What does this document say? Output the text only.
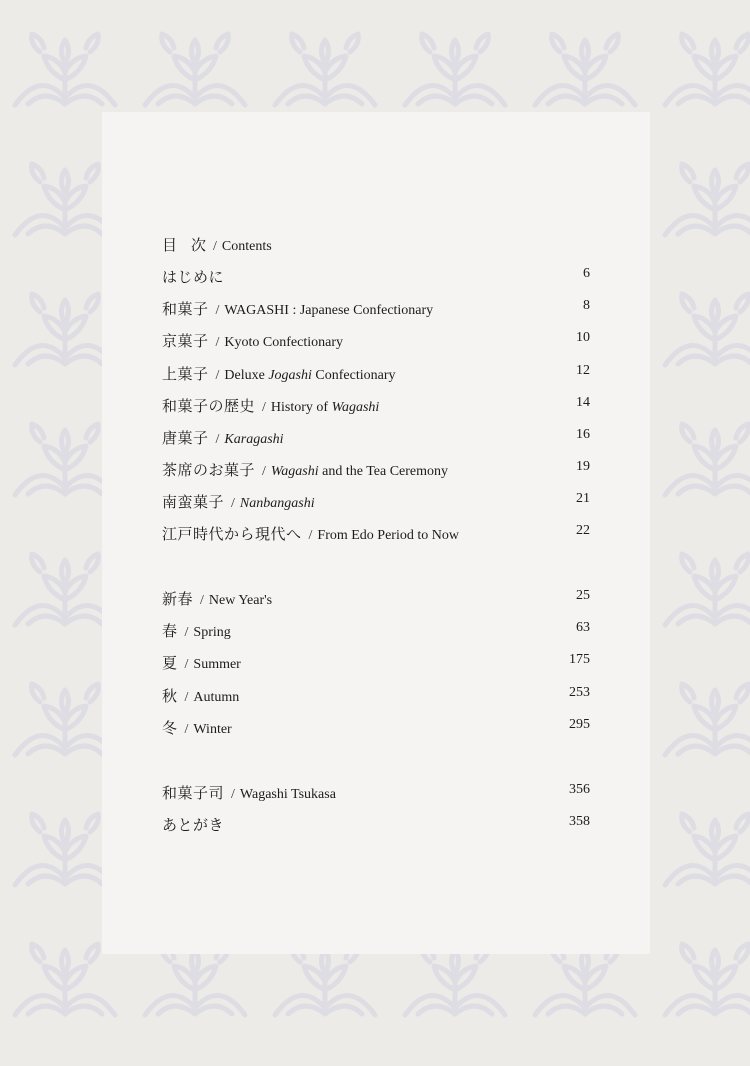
目 次 / Contents
はじめに	6
和菓子 / WAGASHI : Japanese Confectionary	8
京菓子 / Kyoto Confectionary	10
上菓子 / Deluxe Jogashi Confectionary	12
和菓子の歴史 / History of Wagashi	14
唐菓子 / Karagashi	16
茶席のお菓子 / Wagashi and the Tea Ceremony	19
南蛮菓子 / Nanbangashi	21
江戸時代から現代へ / From Edo Period to Now	22
新春 / New Year's	25
春 / Spring	63
夏 / Summer	175
秋 / Autumn	253
冬 / Winter	295
和菓子司 / Wagashi Tsukasa	356
あとがき	358
